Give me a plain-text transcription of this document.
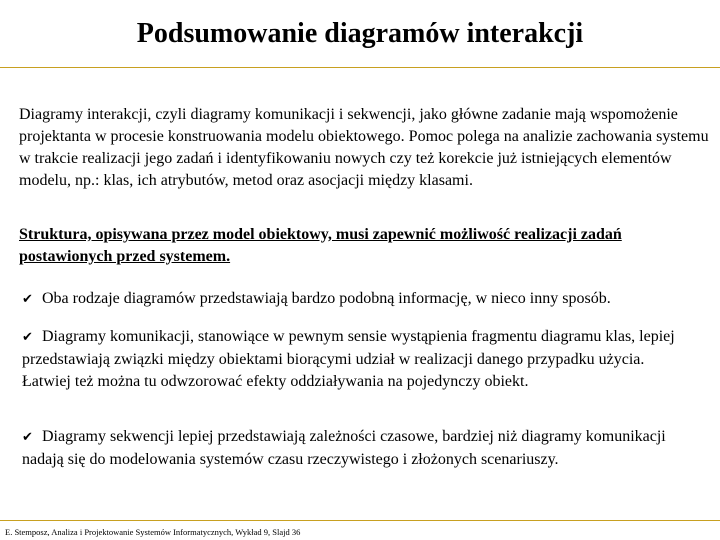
Podsumowanie diagramów interakcji

Diagramy interakcji, czyli diagramy komunikacji i sekwencji, jako główne zadanie mają wspomożenie projektanta w procesie konstruowania modelu obiektowego. Pomoc polega na analizie zachowania systemu w trakcie realizacji jego zadań i identyfikowaniu nowych czy też korekcie już istniejących elementów modelu, np.: klas, ich atrybutów, metod oraz asocjacji między klasami.

Struktura, opisywana przez model obiektowy, musi zapewnić możliwość realizacji zadań postawionych przed systemem.

✔ Oba rodzaje diagramów przedstawiają bardzo podobną informację, w nieco inny sposób.

✔ Diagramy komunikacji, stanowiące w pewnym sensie wystąpienia fragmentu diagramu klas, lepiej przedstawiają związki między obiektami biorącymi udział w realizacji danego przypadku użycia. Łatwiej też można tu odwzorować efekty oddziaływania na pojedynczy obiekt.

✔ Diagramy sekwencji lepiej przedstawiają zależności czasowe, bardziej niż diagramy komunikacji nadają się do modelowania systemów czasu rzeczywistego i złożonych scenariuszy.

E. Stemposz, Analiza i Projektowanie Systemów Informatycznych, Wykład 9, Slajd 36
